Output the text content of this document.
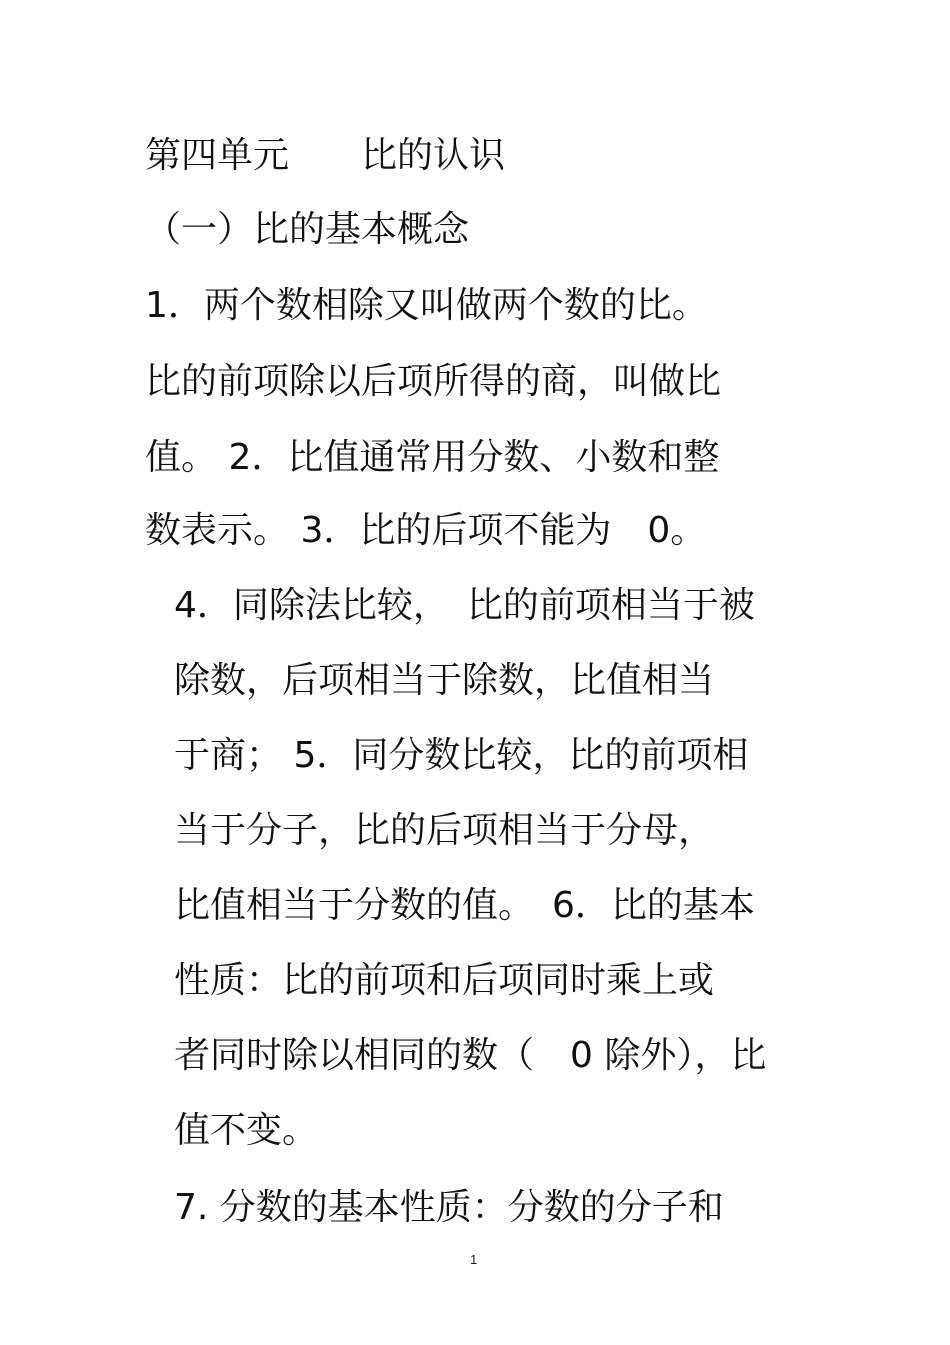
第四单元　　比的认识
（一）比的基本概念
1．两个数相除又叫做两个数的比。
比的前项除以后项所得的商，叫做比
值。 2．比值通常用分数、小数和整
数表示。 3．比的后项不能为　0。
4．同除法比较，　比的前项相当于被
除数，后项相当于除数，比值相当
于商； 5．同分数比较，比的前项相
当于分子，比的后项相当于分母，
比值相当于分数的值。　6．比的基本
性质：比的前项和后项同时乘上或
者同时除以相同的数（　0 除外），比
值不变。
7. 分数的基本性质：分数的分子和
1
